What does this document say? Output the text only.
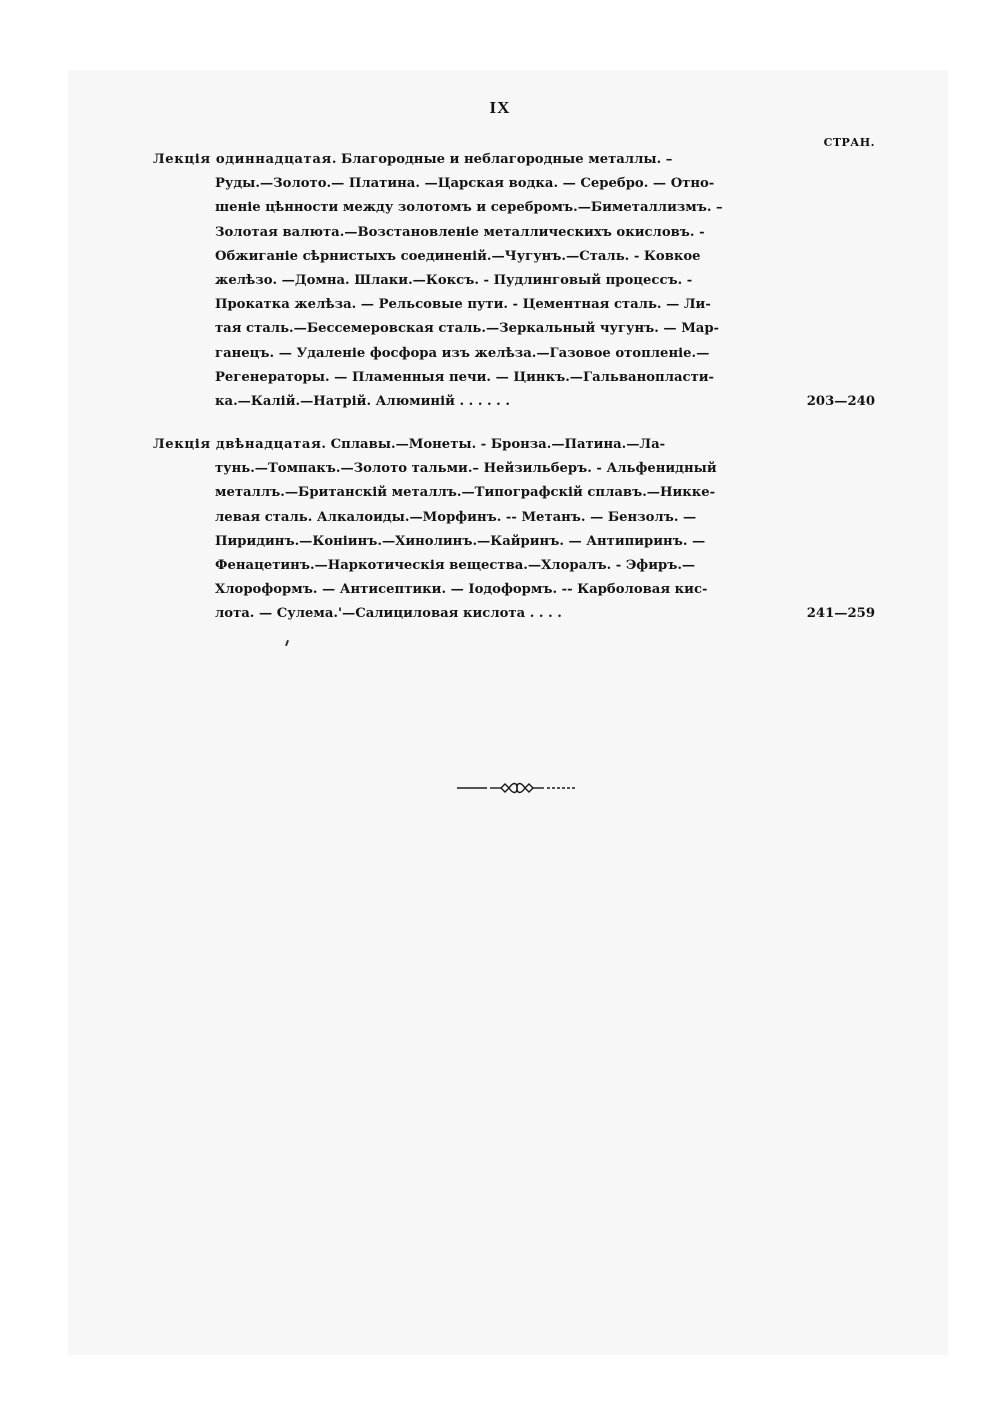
IX
СТРАН.
Лекція одиннадцатая. Благородные и неблагородные металлы. –
Руды.—Золото.— Платина. —Царская водка. — Серебро. — Отно-
шеніе цѣнности между золотомъ и серебромъ.—Биметаллизмъ. –
Золотая валюта.—Возстановленіе металлическихъ окисловъ. -
Обжиганіе сѣрнистыхъ соединеній.—Чугунъ.—Сталь. - Ковкое
желѣзо. —Домна. Шлаки.—Коксъ. - Пудлинговый процессъ. -
Прокатка желѣза. — Рельсовые пути. - Цементная сталь. — Ли-
тая сталь.—Бессемеровская сталь.—Зеркальный чугунъ. — Мар-
ганецъ. — Удаленіе фосфора изъ желѣза.—Газовое отопленіе.—
Регенераторы. — Пламенныя печи. — Цинкъ.—Гальванопласти-
ка.—Калій.—Натрій. Алюминій . . . . . .	203—240
Лекція двѣнадцатая. Сплавы.—Монеты. - Бронза.—Патина.—Ла-
тунь.—Томпакъ.—Золото тальми.– Нейзильберъ. - Альфенидный
металлъ.—Британскій металлъ.—Типографскій сплавъ.—Никке-
левая сталь. Алкалоиды.—Морфинъ. -- Метанъ. — Бензолъ. —
Пиридинъ.—Коніинъ.—Хинолинъ.—Кайринъ. — Антипиринъ. —
Фенацетинъ.—Наркотическія вещества.—Хлоралъ. - Эфиръ.—
Хлороформъ. — Антисептики. — Іодоформъ. -- Карболовая кис-
лота. — Сулема.'—Салициловая кислота . . . .	241—259
